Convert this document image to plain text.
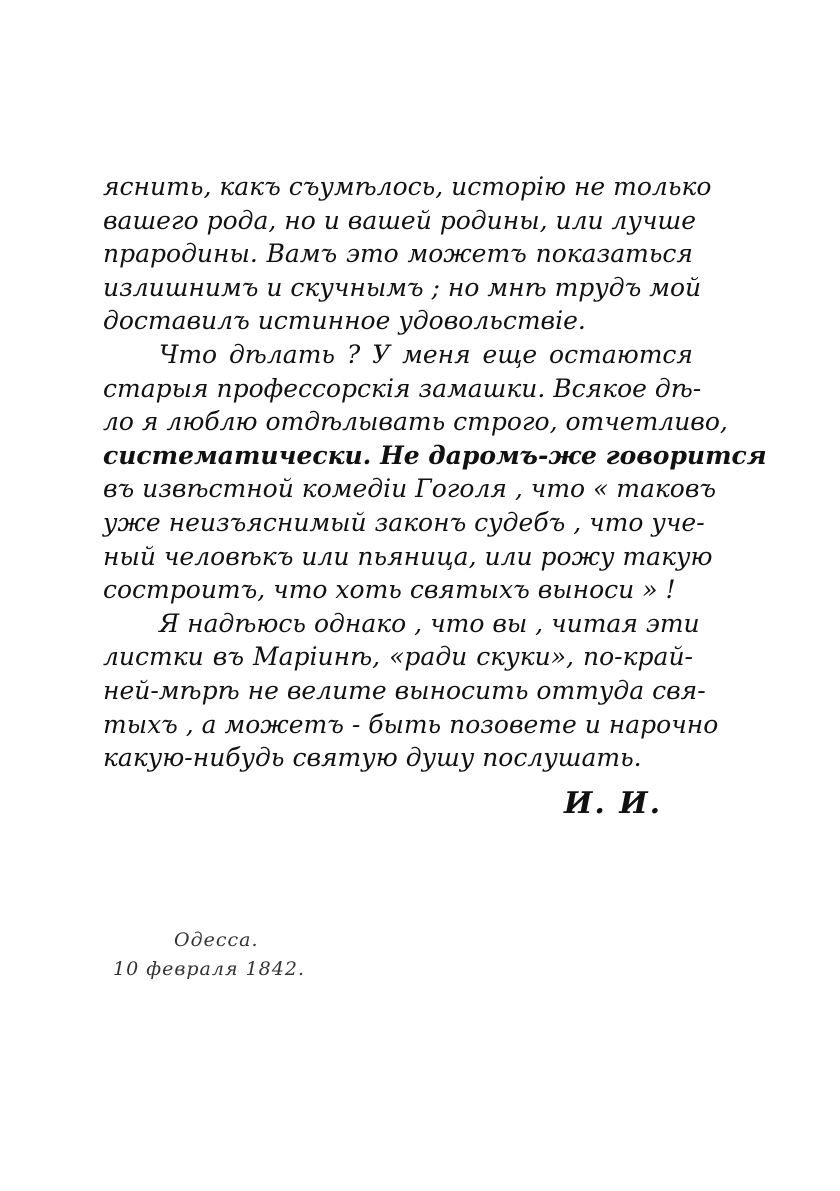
ясниmь, какъ съумѣлось, исторію не только
вашего рода, но и вашей родины, или лучше
прародины. Вамъ это можетъ показаться
излишнимъ и скучнымъ ; но мнѣ трудъ мой
доставилъ истинное удовольствіе.
Что дѣлать ? У меня еще остаются
старыя профессорскія замашки. Всякое дѣ-
ло я люблю отдѣлывать строго, отчетливо,
систематически. Не даромъ-же говорится
въ извѣстной комедіи Гоголя , что « таковъ
уже неизъяснимый законъ судебъ , что уче-
ный человѣкъ или пьяница, или рожу такую
состроитъ, что хоть святыхъ выноси » !
Я надѣюсь однако , что вы , читая эти
листки въ Маріинѣ, «ради скуки», по-край-
ней-мѣрѣ не велите выносить оттуда свя-
тыхъ , а можетъ - быть позовете и нарочно
какую-нибудь святую душу послушать.
И. И.
Одесса.
10 февраля 1842.
